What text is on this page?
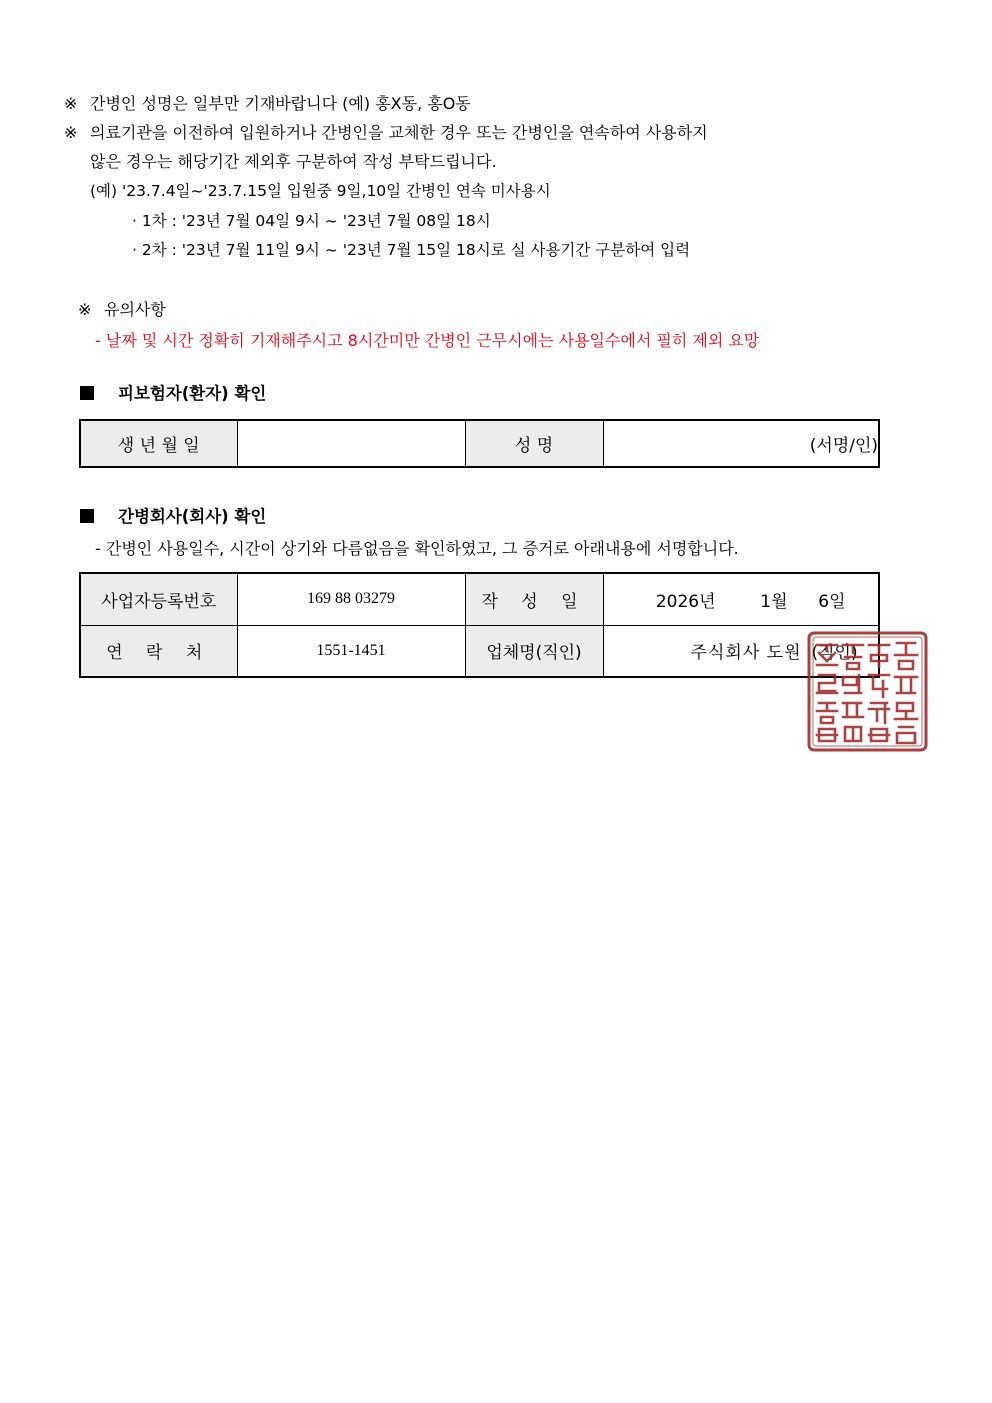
※ 간병인 성명은 일부만 기재바랍니다 (예) 홍X동, 홍O동
※ 의료기관을 이전하여 입원하거나 간병인을 교체한 경우 또는 간병인을 연속하여 사용하지
않은 경우는 해당기간 제외후 구분하여 작성 부탁드립니다.
(예) '23.7.4일~'23.7.15일 입원중 9일,10일 간병인 연속 미사용시
· 1차 : '23년 7월 04일 9시 ~ '23년 7월 08일 18시
· 2차 : '23년 7월 11일 9시 ~ '23년 7월 15일 18시로 실 사용기간 구분하여 입력
※ 유의사항
- 날짜 및 시간 정확히 기재해주시고 8시간미만 간병인 근무시에는 사용일수에서 필히 제외 요망
피보험자(환자) 확인
생 년 월 일		성 명	(서명/인)
간병회사(회사) 확인
- 간병인 사용일수, 시간이 상기와 다름없음을 확인하였고, 그 증거로 아래내용에 서명합니다.
사업자등록번호	169 88 03279	작 성 일	2026년 1월 6일
연 락 처	1551-1451	업체명(직인)	주식회사 도원 (직인)
